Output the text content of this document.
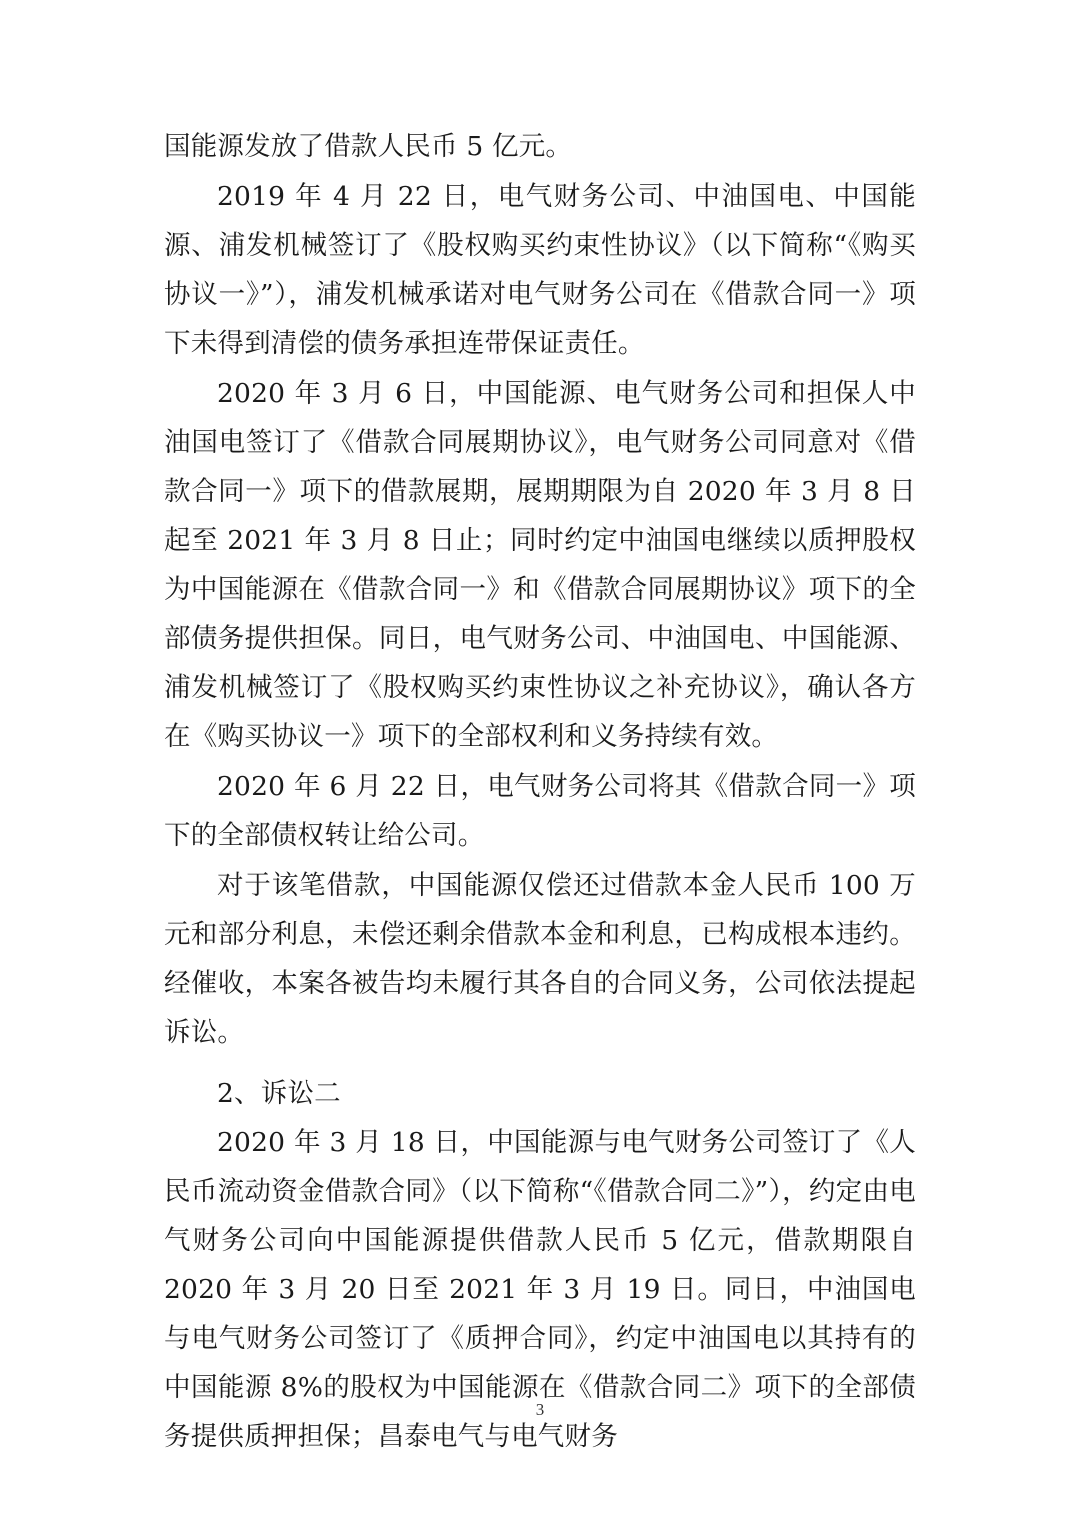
国能源发放了借款人民币 5 亿元。

2019 年 4 月 22 日，电气财务公司、中油国电、中国能源、浦发机械签订了《股权购买约束性协议》（以下简称“《购买协议一》”），浦发机械承诺对电气财务公司在《借款合同一》项下未得到清偿的债务承担连带保证责任。

2020 年 3 月 6 日，中国能源、电气财务公司和担保人中油国电签订了《借款合同展期协议》，电气财务公司同意对《借款合同一》项下的借款展期，展期期限为自 2020 年 3 月 8 日起至 2021 年 3 月 8 日止；同时约定中油国电继续以质押股权为中国能源在《借款合同一》和《借款合同展期协议》项下的全部债务提供担保。同日，电气财务公司、中油国电、中国能源、浦发机械签订了《股权购买约束性协议之补充协议》，确认各方在《购买协议一》项下的全部权利和义务持续有效。

2020 年 6 月 22 日，电气财务公司将其《借款合同一》项下的全部债权转让给公司。

对于该笔借款，中国能源仅偿还过借款本金人民币 100 万元和部分利息，未偿还剩余借款本金和利息，已构成根本违约。经催收，本案各被告均未履行其各自的合同义务，公司依法提起诉讼。

2、诉讼二

2020 年 3 月 18 日，中国能源与电气财务公司签订了《人民币流动资金借款合同》（以下简称“《借款合同二》”），约定由电气财务公司向中国能源提供借款人民币 5 亿元，借款期限自 2020 年 3 月 20 日至 2021 年 3 月 19 日。同日，中油国电与电气财务公司签订了《质押合同》，约定中油国电以其持有的中国能源 8%的股权为中国能源在《借款合同二》项下的全部债务提供质押担保；昌泰电气与电气财务

3
